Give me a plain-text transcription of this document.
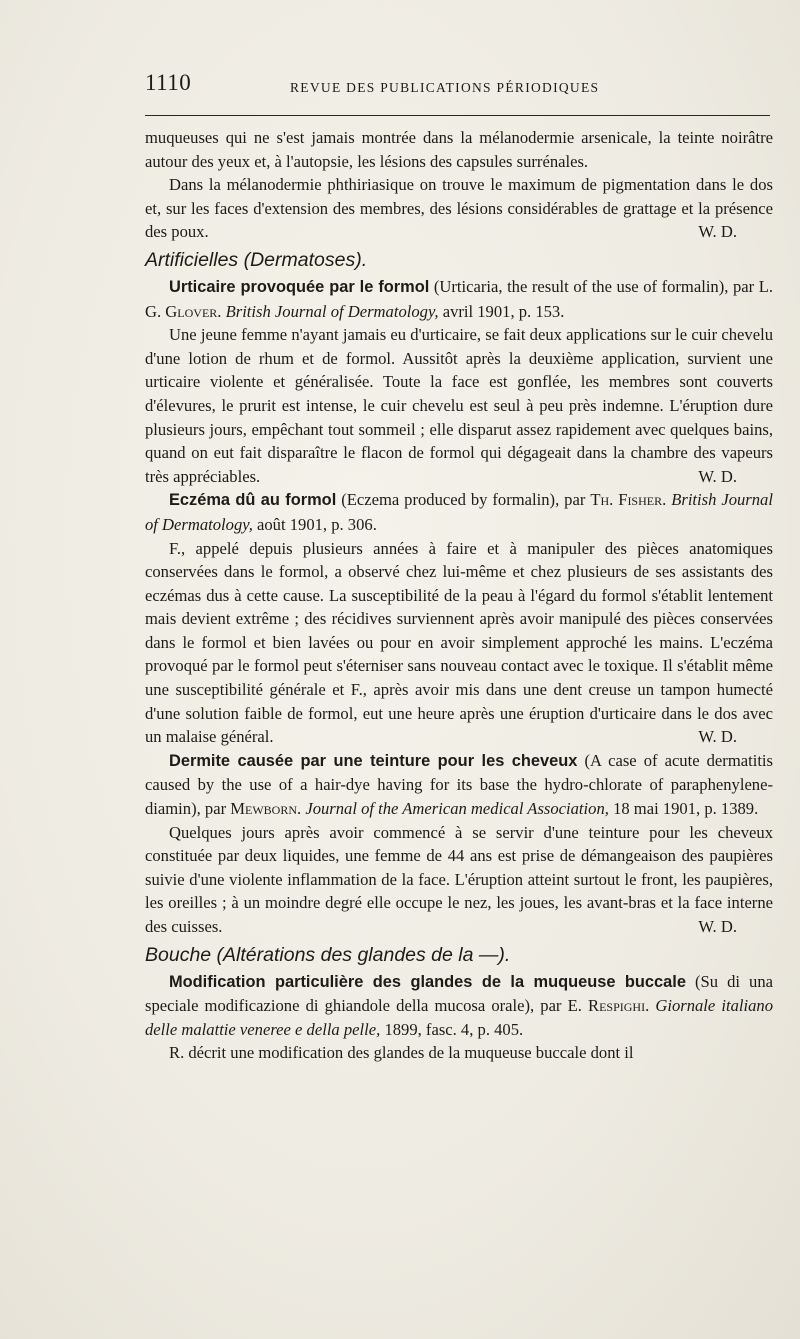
1110	REVUE DES PUBLICATIONS PÉRIODIQUES

muqueuses qui ne s'est jamais montrée dans la mélanodermie arsenicale, la teinte noirâtre autour des yeux et, à l'autopsie, les lésions des capsules surrénales.

Dans la mélanodermie phthiriasique on trouve le maximum de pigmentation dans le dos et, sur les faces d'extension des membres, des lésions considérables de grattage et la présence des poux.	W. D.

Artificielles (Dermatoses).

Urticaire provoquée par le formol (Urticaria, the result of the use of formalin), par L. G. Glover. British Journal of Dermatology, avril 1901, p. 153.

Une jeune femme n'ayant jamais eu d'urticaire, se fait deux applications sur le cuir chevelu d'une lotion de rhum et de formol. Aussitôt après la deuxième application, survient une urticaire violente et généralisée. Toute la face est gonflée, les membres sont couverts d'élevures, le prurit est intense, le cuir chevelu est seul à peu près indemne. L'éruption dure plusieurs jours, empêchant tout sommeil ; elle disparut assez rapidement avec quelques bains, quand on eut fait disparaître le flacon de formol qui dégageait dans la chambre des vapeurs très appréciables.	W. D.

Eczéma dû au formol (Eczema produced by formalin), par Th. Fisher. British Journal of Dermatology, août 1901, p. 306.

F., appelé depuis plusieurs années à faire et à manipuler des pièces anatomiques conservées dans le formol, a observé chez lui-même et chez plusieurs de ses assistants des eczémas dus à cette cause. La susceptibilité de la peau à l'égard du formol s'établit lentement mais devient extrême ; des récidives surviennent après avoir manipulé des pièces conservées dans le formol et bien lavées ou pour en avoir simplement approché les mains. L'eczéma provoqué par le formol peut s'éterniser sans nouveau contact avec le toxique. Il s'établit même une susceptibilité générale et F., après avoir mis dans une dent creuse un tampon humecté d'une solution faible de formol, eut une heure après une éruption d'urticaire dans le dos avec un malaise général.	W. D.

Dermite causée par une teinture pour les cheveux (A case of acute dermatitis caused by the use of a hair-dye having for its base the hydro-chlorate of paraphenylene-diamin), par Mewborn. Journal of the American medical Association, 18 mai 1901, p. 1389.

Quelques jours après avoir commencé à se servir d'une teinture pour les cheveux constituée par deux liquides, une femme de 44 ans est prise de démangeaison des paupières suivie d'une violente inflammation de la face. L'éruption atteint surtout le front, les paupières, les oreilles ; à un moindre degré elle occupe le nez, les joues, les avant-bras et la face interne des cuisses.	W. D.

Bouche (Altérations des glandes de la —).

Modification particulière des glandes de la muqueuse buccale (Su di una speciale modificazione di ghiandole della mucosa orale), par E. Respighi. Giornale italiano delle malattie veneree e della pelle, 1899, fasc. 4, p. 405.

R. décrit une modification des glandes de la muqueuse buccale dont il
